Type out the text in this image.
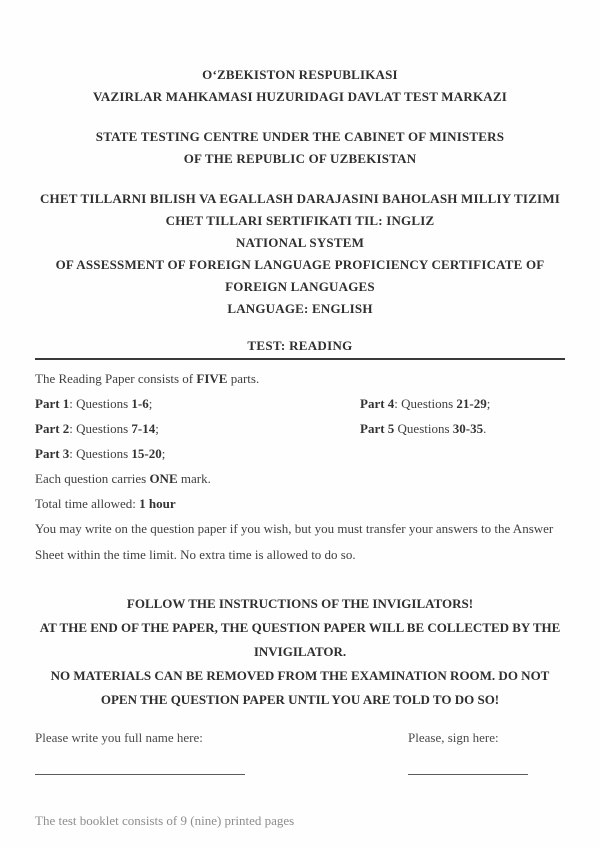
O‘ZBEKISTON RESPUBLIKASI
VAZIRLAR MAHKAMASI HUZURIDAGI DAVLAT TEST MARKAZI
STATE TESTING CENTRE UNDER THE CABINET OF MINISTERS
OF THE REPUBLIC OF UZBEKISTAN
CHET TILLARNI BILISH VA EGALLASH DARAJASINI BAHOLASH MILLIY TIZIMI
CHET TILLARI SERTIFIKATI TIL: INGLIZ
NATIONAL SYSTEM
OF ASSESSMENT OF FOREIGN LANGUAGE PROFICIENCY CERTIFICATE OF FOREIGN LANGUAGES
LANGUAGE: ENGLISH
TEST: READING

The Reading Paper consists of FIVE parts.

Part 1: Questions 1-6;	Part 4: Questions 21-29;

Part 2: Questions 7-14;	Part 5 Questions 30-35.

Part 3: Questions 15-20;

Each question carries ONE mark.

Total time allowed: 1 hour

You may write on the question paper if you wish, but you must transfer your answers to the Answer Sheet within the time limit. No extra time is allowed to do so.

FOLLOW THE INSTRUCTIONS OF THE INVIGILATORS!

AT THE END OF THE PAPER, THE QUESTION PAPER WILL BE COLLECTED BY THE INVIGILATOR.

NO MATERIALS CAN BE REMOVED FROM THE EXAMINATION ROOM. DO NOT OPEN THE QUESTION PAPER UNTIL YOU ARE TOLD TO DO SO!

Please write you full name here:	Please, sign here:

The test booklet consists of 9 (nine) printed pages
